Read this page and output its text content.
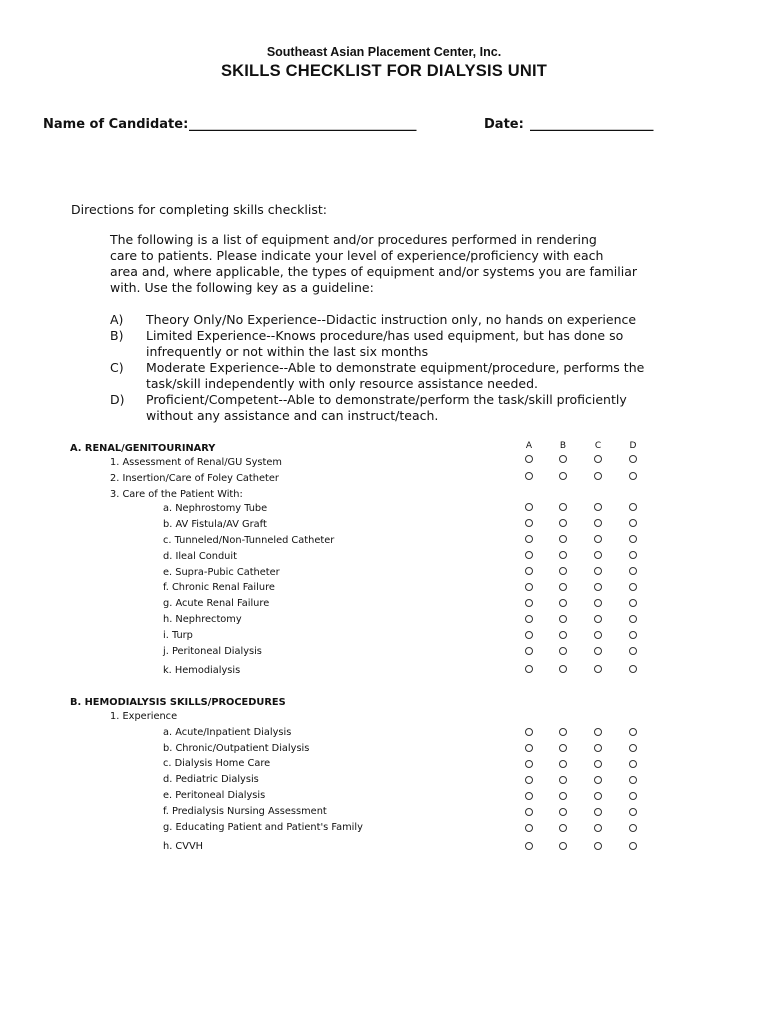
Southeast Asian Placement Center, Inc.
SKILLS CHECKLIST FOR DIALYSIS UNIT
Name of Candidate: ___________________________________	Date: ___________________
Directions for completing skills checklist:
The following is a list of equipment and/or procedures performed in rendering
care to patients. Please indicate your level of experience/proficiency with each
area and, where applicable, the types of equipment and/or systems you are familiar
with. Use the following key as a guideline:
A) Theory Only/No Experience--Didactic instruction only, no hands on experience
B) Limited Experience--Knows procedure/has used equipment, but has done so
infrequently or not within the last six months
C) Moderate Experience--Able to demonstrate equipment/procedure, performs the
task/skill independently with only resource assistance needed.
D) Proficient/Competent--Able to demonstrate/perform the task/skill proficiently
without any assistance and can instruct/teach.
A	B	C	D
A. RENAL/GENITOURINARY
1. Assessment of Renal/GU System
2. Insertion/Care of Foley Catheter
3. Care of the Patient With:
a. Nephrostomy Tube
b. AV Fistula/AV Graft
c. Tunneled/Non-Tunneled Catheter
d. Ileal Conduit
e. Supra-Pubic Catheter
f. Chronic Renal Failure
g. Acute Renal Failure
h. Nephrectomy
i. Turp
j. Peritoneal Dialysis
k. Hemodialysis
B. HEMODIALYSIS SKILLS/PROCEDURES
1. Experience
a. Acute/Inpatient Dialysis
b. Chronic/Outpatient Dialysis
c. Dialysis Home Care
d. Pediatric Dialysis
e. Peritoneal Dialysis
f. Predialysis Nursing Assessment
g. Educating Patient and Patient's Family
h. CVVH
